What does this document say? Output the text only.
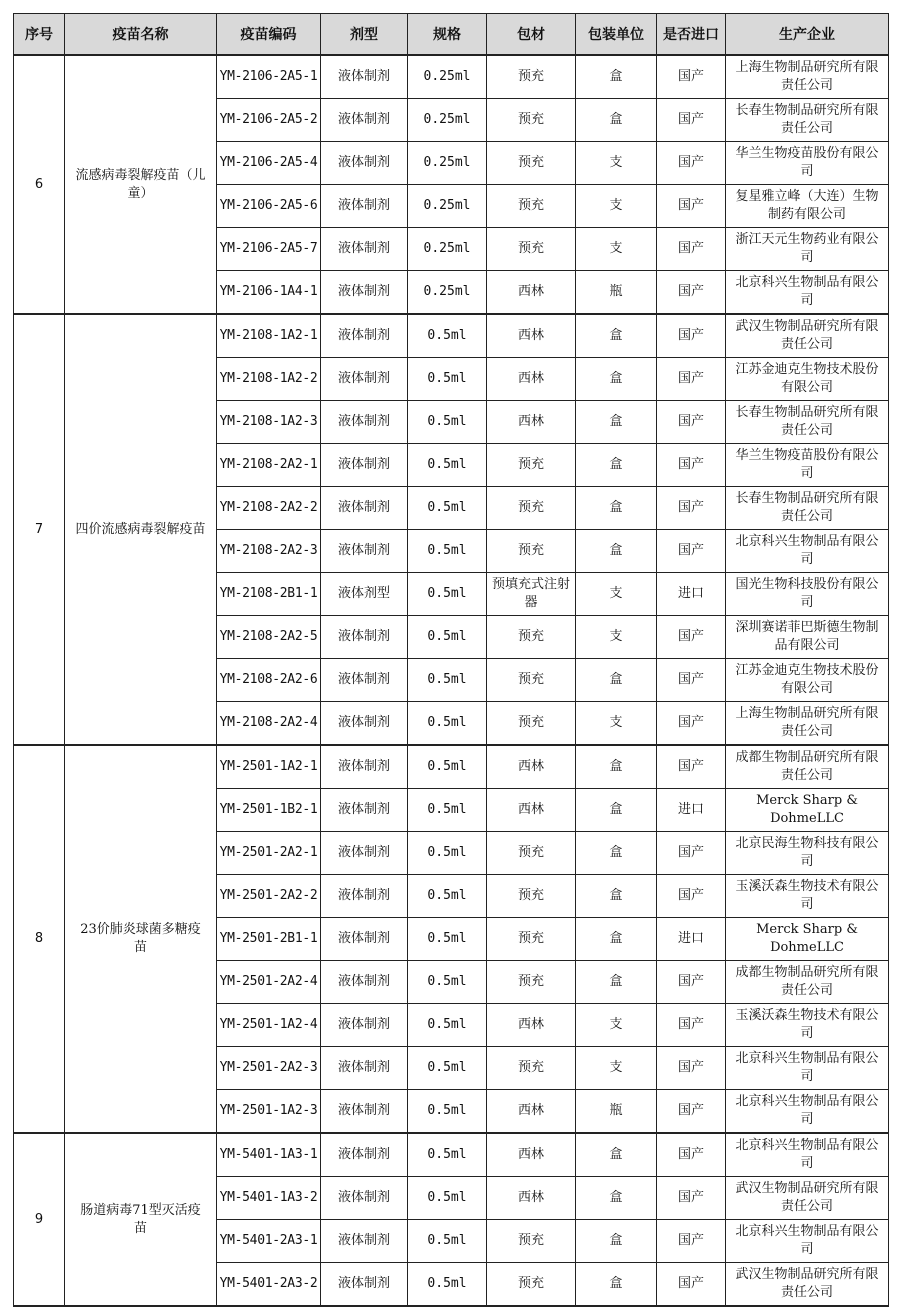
序号	疫苗名称	疫苗编码	剂型	规格	包材	包装单位	是否进口	生产企业
6	流感病毒裂解疫苗（儿童）	YM-2106-2A5-1	液体制剂	0.25ml	预充	盒	国产	上海生物制品研究所有限责任公司
		YM-2106-2A5-2	液体制剂	0.25ml	预充	盒	国产	长春生物制品研究所有限责任公司
		YM-2106-2A5-4	液体制剂	0.25ml	预充	支	国产	华兰生物疫苗股份有限公司
		YM-2106-2A5-6	液体制剂	0.25ml	预充	支	国产	复星雅立峰（大连）生物制药有限公司
		YM-2106-2A5-7	液体制剂	0.25ml	预充	支	国产	浙江天元生物药业有限公司
		YM-2106-1A4-1	液体制剂	0.25ml	西林	瓶	国产	北京科兴生物制品有限公司
7	四价流感病毒裂解疫苗	YM-2108-1A2-1	液体制剂	0.5ml	西林	盒	国产	武汉生物制品研究所有限责任公司
		YM-2108-1A2-2	液体制剂	0.5ml	西林	盒	国产	江苏金迪克生物技术股份有限公司
		YM-2108-1A2-3	液体制剂	0.5ml	西林	盒	国产	长春生物制品研究所有限责任公司
		YM-2108-2A2-1	液体制剂	0.5ml	预充	盒	国产	华兰生物疫苗股份有限公司
		YM-2108-2A2-2	液体制剂	0.5ml	预充	盒	国产	长春生物制品研究所有限责任公司
		YM-2108-2A2-3	液体制剂	0.5ml	预充	盒	国产	北京科兴生物制品有限公司
		YM-2108-2B1-1	液体剂型	0.5ml	预填充式注射器	支	进口	国光生物科技股份有限公司
		YM-2108-2A2-5	液体制剂	0.5ml	预充	支	国产	深圳赛诺菲巴斯德生物制品有限公司
		YM-2108-2A2-6	液体制剂	0.5ml	预充	盒	国产	江苏金迪克生物技术股份有限公司
		YM-2108-2A2-4	液体制剂	0.5ml	预充	支	国产	上海生物制品研究所有限责任公司
8	23价肺炎球菌多糖疫苗	YM-2501-1A2-1	液体制剂	0.5ml	西林	盒	国产	成都生物制品研究所有限责任公司
		YM-2501-1B2-1	液体制剂	0.5ml	西林	盒	进口	Merck Sharp & DohmeLLC
		YM-2501-2A2-1	液体制剂	0.5ml	预充	盒	国产	北京民海生物科技有限公司
		YM-2501-2A2-2	液体制剂	0.5ml	预充	盒	国产	玉溪沃森生物技术有限公司
		YM-2501-2B1-1	液体制剂	0.5ml	预充	盒	进口	Merck Sharp & DohmeLLC
		YM-2501-2A2-4	液体制剂	0.5ml	预充	盒	国产	成都生物制品研究所有限责任公司
		YM-2501-1A2-4	液体制剂	0.5ml	西林	支	国产	玉溪沃森生物技术有限公司
		YM-2501-2A2-3	液体制剂	0.5ml	预充	支	国产	北京科兴生物制品有限公司
		YM-2501-1A2-3	液体制剂	0.5ml	西林	瓶	国产	北京科兴生物制品有限公司
9	肠道病毒71型灭活疫苗	YM-5401-1A3-1	液体制剂	0.5ml	西林	盒	国产	北京科兴生物制品有限公司
		YM-5401-1A3-2	液体制剂	0.5ml	西林	盒	国产	武汉生物制品研究所有限责任公司
		YM-5401-2A3-1	液体制剂	0.5ml	预充	盒	国产	北京科兴生物制品有限公司
		YM-5401-2A3-2	液体制剂	0.5ml	预充	盒	国产	武汉生物制品研究所有限责任公司
